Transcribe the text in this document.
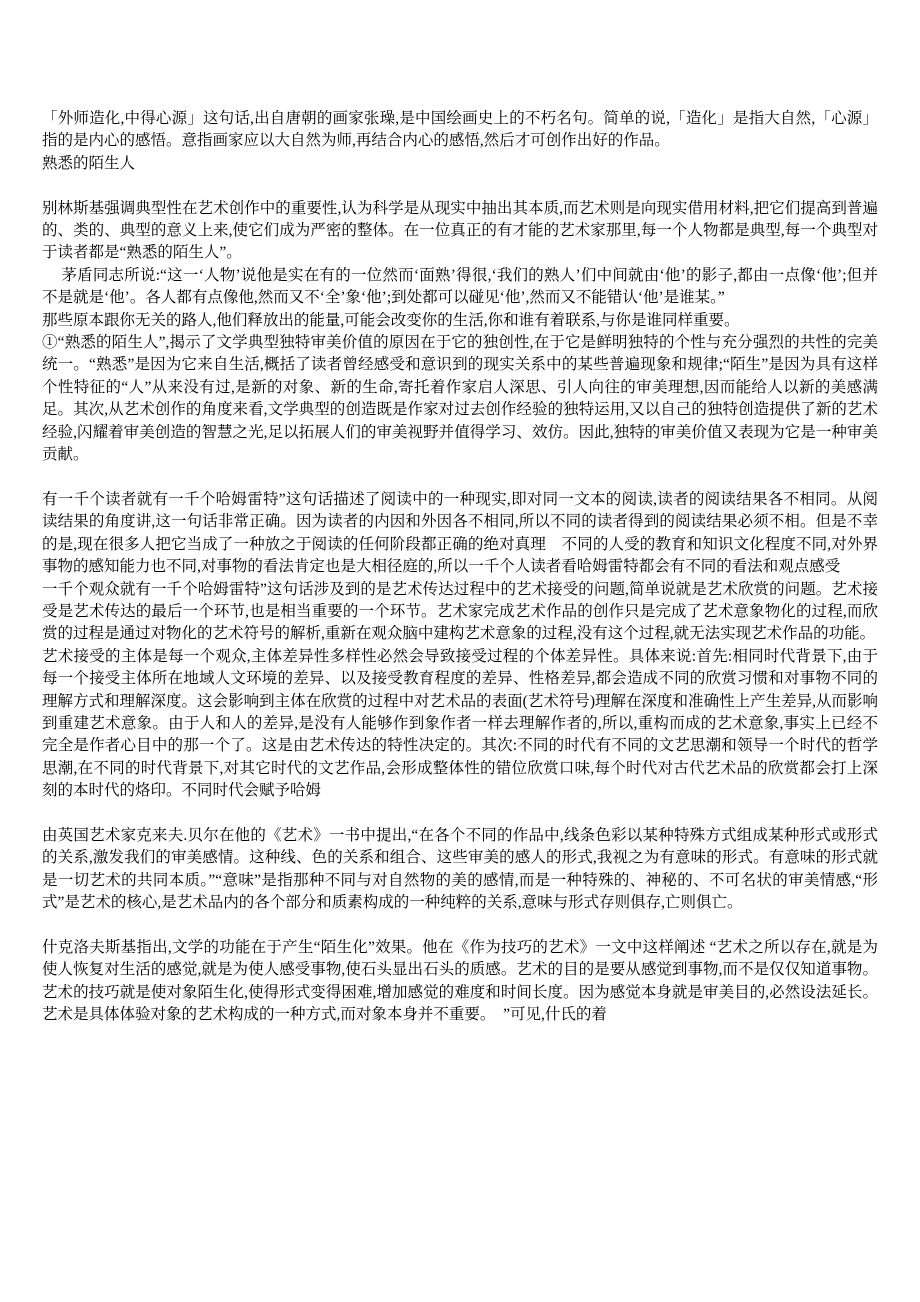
「外师造化,中得心源」这句话,出自唐朝的画家张璪,是中国绘画史上的不朽名句。简单的说,「造化」是指大自然,「心源」指的是内心的感悟。意指画家应以大自然为师,再结合内心的感悟,然后才可创作出好的作品。

熟悉的陌生人

别林斯基强调典型性在艺术创作中的重要性,认为科学是从现实中抽出其本质,而艺术则是向现实借用材料,把它们提高到普遍的、类的、典型的意义上来,使它们成为严密的整体。在一位真正的有才能的艺术家那里,每一个人物都是典型,每一个典型对于读者都是“熟悉的陌生人”。

茅盾同志所说:“这一‘人物’说他是实在有的一位然而‘面熟’得很,‘我们的熟人’们中间就由‘他’的影子,都由一点像‘他’;但并不是就是‘他’。各人都有点像他,然而又不‘全’象‘他’;到处都可以碰见‘他’,然而又不能错认‘他’是谁某。”

那些原本跟你无关的路人,他们释放出的能量,可能会改变你的生活,你和谁有着联系,与你是谁同样重要。

①“熟悉的陌生人”,揭示了文学典型独特审美价值的原因在于它的独创性,在于它是鲜明独特的个性与充分强烈的共性的完美统一。“熟悉”是因为它来自生活,概括了读者曾经感受和意识到的现实关系中的某些普遍现象和规律;“陌生”是因为具有这样个性特征的“人”从来没有过,是新的对象、新的生命,寄托着作家启人深思、引人向往的审美理想,因而能给人以新的美感满足。其次,从艺术创作的角度来看,文学典型的创造既是作家对过去创作经验的独特运用,又以自己的独特创造提供了新的艺术经验,闪耀着审美创造的智慧之光,足以拓展人们的审美视野并值得学习、效仿。因此,独特的审美价值又表现为它是一种审美贡献。

有一千个读者就有一千个哈姆雷特”这句话描述了阅读中的一种现实,即对同一文本的阅读,读者的阅读结果各不相同。从阅读结果的角度讲,这一句话非常正确。因为读者的内因和外因各不相同,所以不同的读者得到的阅读结果必须不相。但是不幸的是,现在很多人把它当成了一种放之于阅读的任何阶段都正确的绝对真理　不同的人受的教育和知识文化程度不同,对外界事物的感知能力也不同,对事物的看法肯定也是大相径庭的,所以一千个人读者看哈姆雷特都会有不同的看法和观点感受

一千个观众就有一千个哈姆雷特”这句话涉及到的是艺术传达过程中的艺术接受的问题,简单说就是艺术欣赏的问题。艺术接受是艺术传达的最后一个环节,也是相当重要的一个环节。艺术家完成艺术作品的创作只是完成了艺术意象物化的过程,而欣赏的过程是通过对物化的艺术符号的解析,重新在观众脑中建构艺术意象的过程,没有这个过程,就无法实现艺术作品的功能。

艺术接受的主体是每一个观众,主体差异性多样性必然会导致接受过程的个体差异性。具体来说:首先:相同时代背景下,由于每一个接受主体所在地域人文环境的差异、以及接受教育程度的差异、性格差异,都会造成不同的欣赏习惯和对事物不同的理解方式和理解深度。这会影响到主体在欣赏的过程中对艺术品的表面(艺术符号)理解在深度和准确性上产生差异,从而影响到重建艺术意象。由于人和人的差异,是没有人能够作到象作者一样去理解作者的,所以,重构而成的艺术意象,事实上已经不完全是作者心目中的那一个了。这是由艺术传达的特性决定的。其次:不同的时代有不同的文艺思潮和领导一个时代的哲学思潮,在不同的时代背景下,对其它时代的文艺作品,会形成整体性的错位欣赏口味,每个时代对古代艺术品的欣赏都会打上深刻的本时代的烙印。不同时代会赋予哈姆

由英国艺术家克来夫.贝尔在他的《艺术》一书中提出,“在各个不同的作品中,线条色彩以某种特殊方式组成某种形式或形式的关系,激发我们的审美感情。这种线、色的关系和组合、这些审美的感人的形式,我视之为有意味的形式。有意味的形式就是一切艺术的共同本质。”“意味”是指那种不同与对自然物的美的感情,而是一种特殊的、神秘的、不可名状的审美情感,“形式”是艺术的核心,是艺术品内的各个部分和质素构成的一种纯粹的关系,意味与形式存则俱存,亡则俱亡。

什克洛夫斯基指出,文学的功能在于产生“陌生化”效果。他在《作为技巧的艺术》一文中这样阐述 “艺术之所以存在,就是为使人恢复对生活的感觉,就是为使人感受事物,使石头显出石头的质感。艺术的目的是要从感觉到事物,而不是仅仅知道事物。艺术的技巧就是使对象陌生化,使得形式变得困难,增加感觉的难度和时间长度。因为感觉本身就是审美目的,必然设法延长。艺术是具体体验对象的艺术构成的一种方式,而对象本身并不重要。　”可见,什氏的着
